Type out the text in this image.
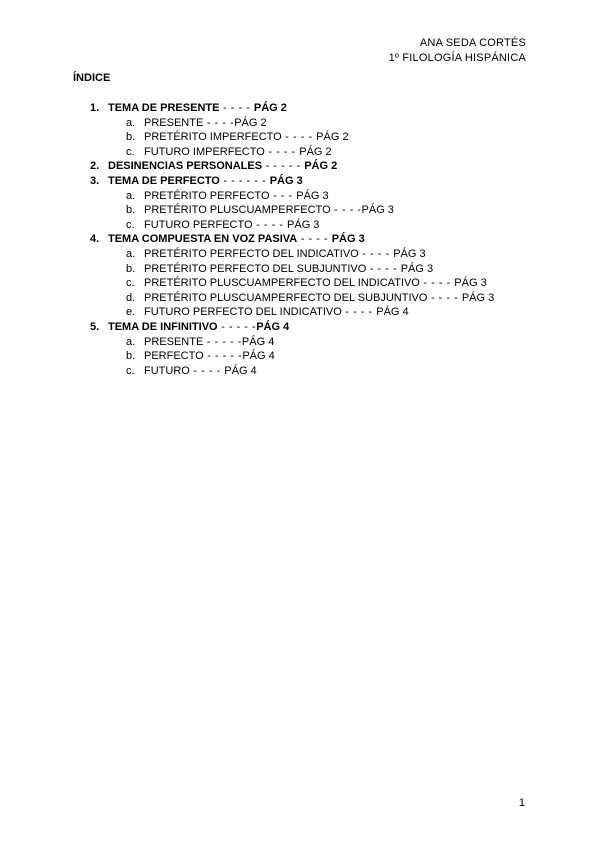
ANA SEDA CORTÉS
1º FILOLOGÍA HISPÁNICA
ÍNDICE
1. TEMA DE PRESENTE - - - - PÁG 2
a. PRESENTE - - - -PÁG 2
b. PRETÉRITO IMPERFECTO - - - - PÁG 2
c. FUTURO IMPERFECTO - - - - PÁG 2
2. DESINENCIAS PERSONALES - - - - - PÁG 2
3. TEMA DE PERFECTO - - - - - - PÁG 3
a. PRETÉRITO PERFECTO - - - PÁG 3
b. PRETÉRITO PLUSCUAMPERFECTO - - - -PÁG 3
c. FUTURO PERFECTO - - - - PÁG 3
4. TEMA COMPUESTA EN VOZ PASIVA - - - - PÁG 3
a. PRETÉRITO PERFECTO DEL INDICATIVO - - - - PÁG 3
b. PRETÉRITO PERFECTO DEL SUBJUNTIVO - - - - PÁG 3
c. PRETÉRITO PLUSCUAMPERFECTO DEL INDICATIVO - - - - PÁG 3
d. PRETÉRITO PLUSCUAMPERFECTO DEL SUBJUNTIVO - - - - PÁG 3
e. FUTURO PERFECTO DEL INDICATIVO - - - - PÁG 4
5. TEMA DE INFINITIVO - - - - -PÁG 4
a. PRESENTE - - - - -PÁG 4
b. PERFECTO - - - - -PÁG 4
c. FUTURO - - - - PÁG 4
1
